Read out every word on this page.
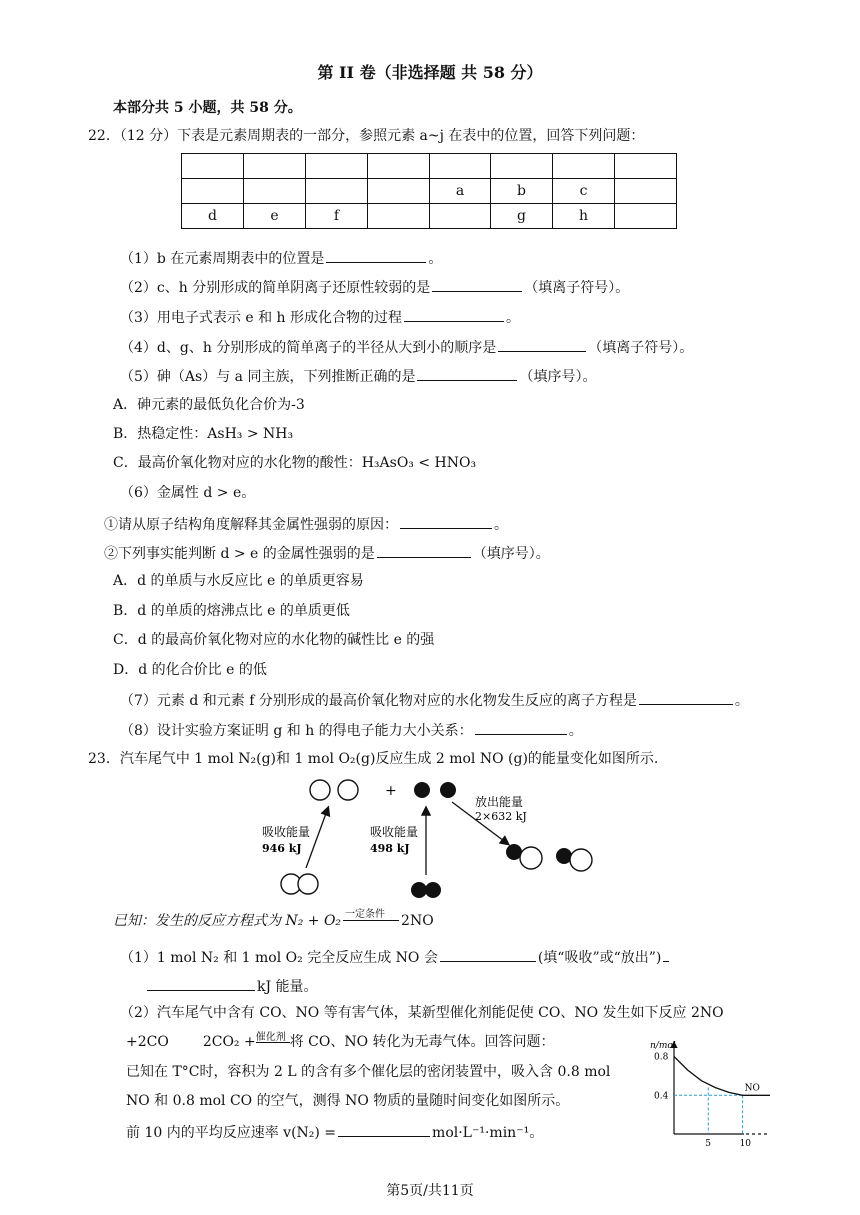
第 II 卷（非选择题 共 58 分）
本部分共 5 小题，共 58 分。
22．（12 分）下表是元素周期表的一部分，参照元素 a~j 在表中的位置，回答下列问题：

				a	b	c	
d	e	f			g	h	
（1）b 在元素周期表中的位置是	。
（2）c、h 分别形成的简单阴离子还原性较弱的是	（填离子符号）。
（3）用电子式表示 e 和 h 形成化合物的过程	。
（4）d、g、h 分别形成的简单离子的半径从大到小的顺序是	（填离子符号）。
（5）砷（As）与 a 同主族，下列推断正确的是	（填序号）。
A．砷元素的最低负化合价为-3
B．热稳定性：AsH₃ > NH₃
C．最高价氧化物对应的水化物的酸性：H₃AsO₃ < HNO₃
（6）金属性 d > e。
①请从原子结构角度解释其金属性强弱的原因：	。
②下列事实能判断 d > e 的金属性强弱的是	（填序号）。
A．d 的单质与水反应比 e 的单质更容易
B．d 的单质的熔沸点比 e 的单质更低
C．d 的最高价氧化物对应的水化物的碱性比 e 的强
D．d 的化合价比 e 的低
（7）元素 d 和元素 f 分别形成的最高价氧化物对应的水化物发生反应的离子方程是	。
（8）设计实验方案证明 g 和 h 的得电子能力大小关系：	。
23．汽车尾气中 1 mol N₂(g)和 1 mol O₂(g)反应生成 2 mol NO (g)的能量变化如图所示.
+
放出能量
2×632 kJ
吸收能量
946 kJ
吸收能量
498 kJ
已知：发生的反应方程式为 N₂ + O₂ 一定条件 2NO
（1）1 mol N₂ 和 1 mol O₂ 完全反应生成 NO 会	(填“吸收”或“放出”)
kJ 能量。
（2）汽车尾气中含有 CO、NO 等有害气体，某新型催化剂能促使 CO、NO 发生如下反应 2NO
+2CO 2CO₂ + 催化剂 将 CO、NO 转化为无毒气体。回答问题：
已知在 T°C时，容积为 2 L 的含有多个催化层的密闭装置中，吸入含 0.8 mol
NO 和 0.8 mol CO 的空气，测得 NO 物质的量随时间变化如图所示。
前 10 内的平均反应速率 v(N₂) =	mol·L⁻¹·min⁻¹。
n/mol
0.8
0.4
5	10
NO
第5页/共11页
